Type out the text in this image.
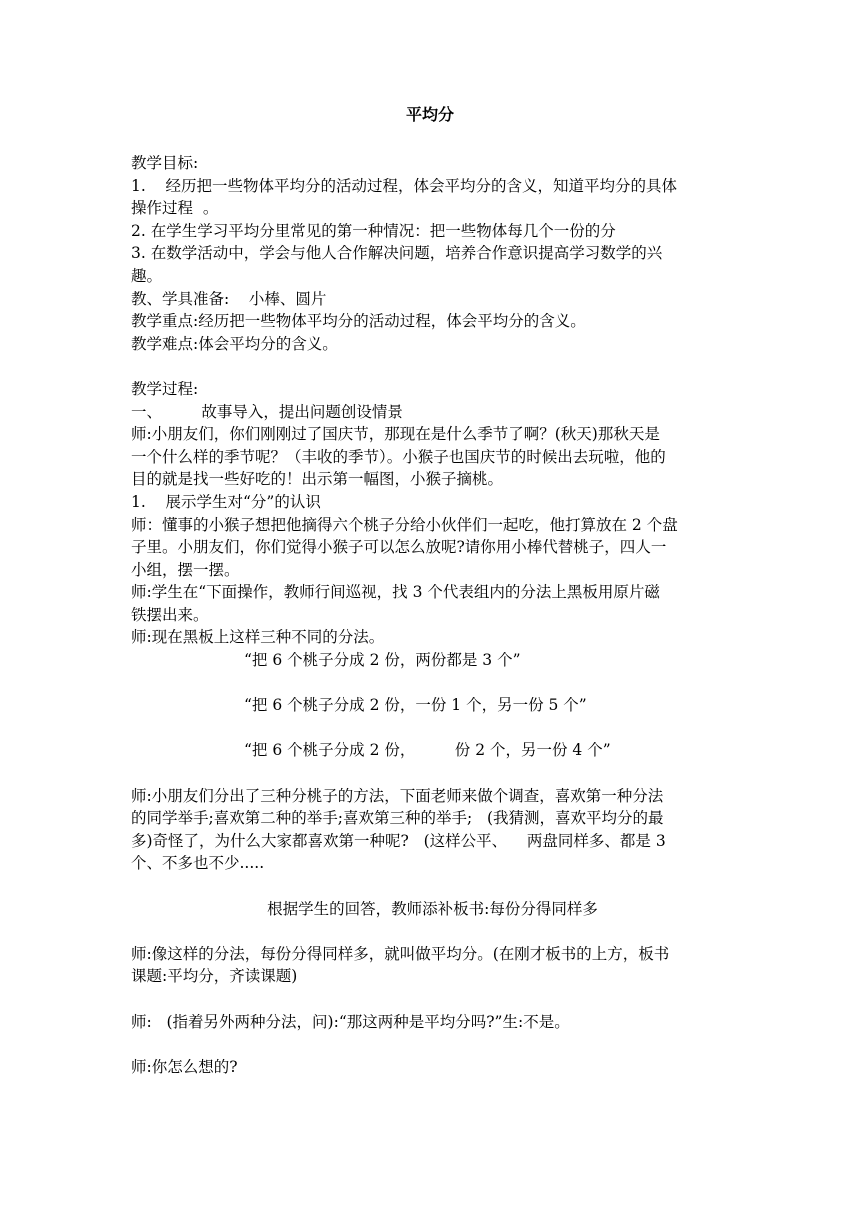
平均分
教学目标:
1.    经历把一些物体平均分的活动过程，体会平均分的含义，知道平均分的具体
操作过程  。
2. 在学生学习平均分里常见的第一种情况：把一些物体每几个一份的分
3. 在数学活动中，学会与他人合作解决问题，培养合作意识提高学习数学的兴
趣。
教、学具准备:    小棒、圆片
教学重点:经历把一些物体平均分的活动过程，体会平均分的含义。
教学难点:体会平均分的含义。
教学过程:
一、        故事导入，提出问题创设情景
师:小朋友们，你们刚刚过了国庆节，那现在是什么季节了啊？(秋天)那秋天是
一个什么样的季节呢？（丰收的季节）。小猴子也国庆节的时候出去玩啦，他的
目的就是找一些好吃的！出示第一幅图，小猴子摘桃。
1.    展示学生对“分”的认识
师：懂事的小猴子想把他摘得六个桃子分给小伙伴们一起吃，他打算放在 2 个盘
子里。小朋友们，你们觉得小猴子可以怎么放呢?请你用小棒代替桃子，四人一
小组，摆一摆。
师:学生在“下面操作，教师行间巡视，找 3 个代表组内的分法上黑板用原片磁
铁摆出来。
师:现在黑板上这样三种不同的分法。
“把 6 个桃子分成 2 份，两份都是 3 个”
“把 6 个桃子分成 2 份，一份 1 个，另一份 5 个”
“把 6 个桃子分成 2 份，        份 2 个，另一份 4 个”
师:小朋友们分出了三种分桃子的方法，下面老师来做个调查，喜欢第一种分法
的同学举手;喜欢第二种的举手;喜欢第三种的举手;   (我猜测，喜欢平均分的最
多)奇怪了，为什么大家都喜欢第一种呢?   (这样公平、    两盘同样多、都是 3
个、不多也不少.....
根据学生的回答，教师添补板书:每份分得同样多
师:像这样的分法，每份分得同样多，就叫做平均分。(在刚才板书的上方，板书
课题:平均分，齐读课题)
师:   (指着另外两种分法，问):“那这两种是平均分吗?”生:不是。
师:你怎么想的?
